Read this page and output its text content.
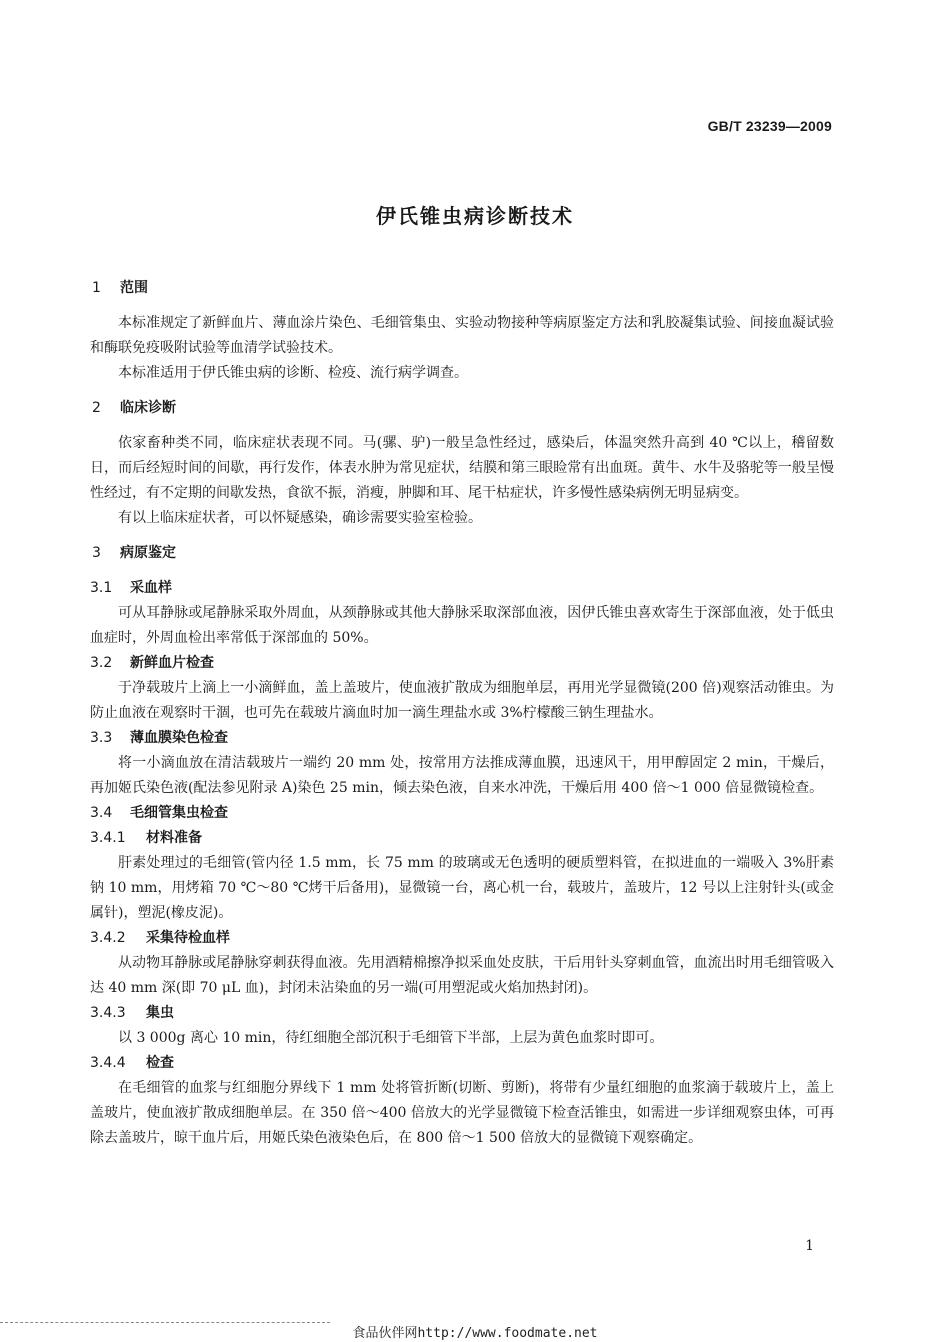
GB/T 23239—2009
伊氏锥虫病诊断技术
1 范围

本标准规定了新鲜血片、薄血涂片染色、毛细管集虫、实验动物接种等病原鉴定方法和乳胶凝集试验、间接血凝试验和酶联免疫吸附试验等血清学试验技术。

本标准适用于伊氏锥虫病的诊断、检疫、流行病学调查。

2 临床诊断

依家畜种类不同，临床症状表现不同。马(骡、驴)一般呈急性经过，感染后，体温突然升高到 40 ℃以上，稽留数日，而后经短时间的间歇，再行发作，体表水肿为常见症状，结膜和第三眼睑常有出血斑。黄牛、水牛及骆驼等一般呈慢性经过，有不定期的间歇发热，食欲不振，消瘦，肿脚和耳、尾干枯症状，许多慢性感染病例无明显病变。

有以上临床症状者，可以怀疑感染，确诊需要实验室检验。

3 病原鉴定
3.1 采血样

可从耳静脉或尾静脉采取外周血，从颈静脉或其他大静脉采取深部血液，因伊氏锥虫喜欢寄生于深部血液，处于低虫血症时，外周血检出率常低于深部血的 50%。

3.2 新鲜血片检查

于净载玻片上滴上一小滴鲜血，盖上盖玻片，使血液扩散成为细胞单层，再用光学显微镜(200 倍)观察活动锥虫。为防止血液在观察时干涸，也可先在载玻片滴血时加一滴生理盐水或 3%柠檬酸三钠生理盐水。

3.3 薄血膜染色检查

将一小滴血放在清洁载玻片一端约 20 mm 处，按常用方法推成薄血膜，迅速风干，用甲醇固定 2 min，干燥后，再加姬氏染色液(配法参见附录 A)染色 25 min，倾去染色液，自来水冲洗，干燥后用 400 倍～1 000 倍显微镜检查。

3.4 毛细管集虫检查
3.4.1 材料准备

肝素处理过的毛细管(管内径 1.5 mm，长 75 mm 的玻璃或无色透明的硬质塑料管，在拟进血的一端吸入 3%肝素钠 10 mm，用烤箱 70 ℃～80 ℃烤干后备用)，显微镜一台，离心机一台，载玻片，盖玻片，12 号以上注射针头(或金属针)，塑泥(橡皮泥)。

3.4.2 采集待检血样

从动物耳静脉或尾静脉穿刺获得血液。先用酒精棉擦净拟采血处皮肤，干后用针头穿刺血管，血流出时用毛细管吸入达 40 mm 深(即 70 μL 血)，封闭未沾染血的另一端(可用塑泥或火焰加热封闭)。

3.4.3 集虫

以 3 000g 离心 10 min，待红细胞全部沉积于毛细管下半部，上层为黄色血浆时即可。

3.4.4 检查

在毛细管的血浆与红细胞分界线下 1 mm 处将管折断(切断、剪断)，将带有少量红细胞的血浆滴于载玻片上，盖上盖玻片，使血液扩散成细胞单层。在 350 倍～400 倍放大的光学显微镜下检查活锥虫，如需进一步详细观察虫体，可再除去盖玻片，晾干血片后，用姬氏染色液染色后，在 800 倍～1 500 倍放大的显微镜下观察确定。

1
食品伙伴网http://www.foodmate.net
